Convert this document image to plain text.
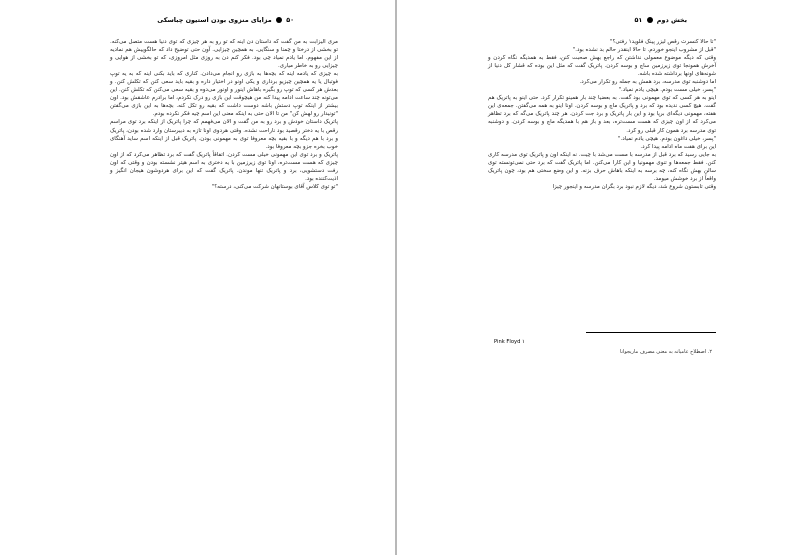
۵۰  مزایای منزوی بودن استیون چباسکی

مری الیزابت به من گفت که داستان دن اینه که تو رو به هر چیزی که توی دنیا هست متصل می‌کنه. تو بخشی از درختا و چمنا و سنگایی. به همچین چیزایی. آون حتی توضیح داد که حالگوییش هم نمادیه از این مفهوم. اما یادم نمیاد چی بود. فکر کنم دن به روزی مثل امروزی، که تو بخشی از هوایی و چیزایی رو به خاطر میاری.

به چیزی که یادمه اینه که بچه‌ها به بازی رو انجام می‌دادن. کناری که باید بکنی اینه که به یه توپ فوتبال یا یه همچین چیزیو برداری و یکی اونو در اختیار داره و بقیه باید سعی کنن که تکلش کنن. و بعدش هر کسی که توپ رو بگیره باهاش اینور و اونور می‌دوه و بقیه سعی می‌کنن که تکلش کنن. این می‌تونه چند ساعت ادامه پیدا کنه من هیچوقت این بازی رو درک نکردم، اما برادرم عاشقش بود. اون بیشتر از اینکه توپ دستش باشه دوست داشت که بقیه رو تکل کنه. بچه‌ها به این بازی می‌گفتن "تونیدار رو لهش کن" من تا الان حتی به اینکه معنی این اسم چیه فکر نکرده بودم.

پاتریک داستان خودش و برد رو به من گفت و الان می‌فهمم که چرا پاتریک از اینکه برد توی مراسم رقص با یه دختر رقصید بود ناراحت نشده. وقتی هردوی اونا تازه به دبیرستان وارد شده بودن، پاتریک و برد با هم دیگه و با بقیه بچه معروفا توی به مهمونی بودن. پاتریک قبل از اینکه اسم ساید آهنگای خوب بخره جزو بچه معروفا بود.

پاتریک و برد توی این مهمونی خیلی مست کردن. اتفاقاً پاتریک گفت که برد تظاهر می‌کرد که از اون چیزی که هست مست‌تره، اونا توی زیرزمین با یه دختری به اسم هیتر نشسته بودن و وقتی که اون رفت دستشویی، برد و پاتریک تنها موندن. پاتریک گفت که این برای هردوشون هیجان انگیز و اذیت‌کننده بود.

"تو توی کلاس آقای بوستانهان شرکت می‌کنی، درسته؟"

بخش دوم  ۵۱

"تا حالا کنسرت رقص لیزر پینک فلوید۱ رفتی؟"

"قبل از مشروب اینجو خوردم. تا حالا اینقدر حالم بد نشده بود."

وقتی که دیگه موضوع معمولی نداشتن که راجع بهش صحبت کنن، فقط به همدیگه نگاه کردن و آخرش همونجا توی زیرزمین ساچ و بوسه کردن. پاتریک گفت که مثل این بوده که قشار کل دنیا از شونه‌های اونها برداشته شده باشه.

اما دوشنبه توی مدرسه، برد همش به جمله رو تکرار می‌کرد.

"پسر، خیلی مست بودم. هیچی یادم نمیاد."

اینو به هر کسی که توی مهمونی بود گفت. به بعضیا چند بار همینو تکرار کرد. حتی اینو به پاتریک هم گفت. هیچ کسی ندیده بود که برد و پاتریک ماچ و بوسه کردن. اونا اینو به همه می‌گفتن. جمعه‌ی این هفته، مهمونی دیگه‌ای برپا بود و این بار پاتریک و برد جت کردن. هر چند پاتریک می‌گه که برد تظاهر می‌کرد که از اون چیزی که هست مست‌تره، بعد و باز هم با همدیگه ماچ و بوسه کردن. و دوشنبه توی مدرسه برد همون کار قبلی رو کرد.

"پسر، خیلی داغون بودم. هیچی یادم نمیاد."

این برای هفت ماه ادامه پیدا کرد.

به جایی رسید که برد قبل از مدرسه با مست می‌شد با چیت. نه اینکه اون و پاتریک توی مدرسه کاری کنن. فقط جمعه‌ها و تنوی مهمونیا و این کارا می‌کنن. اما پاتریک گفت که برد حتی نمی‌تونسته توی سالن بهش نگاه کنه، چه برسه به اینکه باهاش حرف بزنه. و این وضع سختی هم بود، چون پاتریک واقعاً از برد خوشش میومد.

وقتی تابستون شروع شد، دیگه لازم نبود برد بگران مدرسه و اینجور چیزا

Pink Floyd ۱
۲. اصطلاح عامیانه به معنی مصرف ماریجوانا
